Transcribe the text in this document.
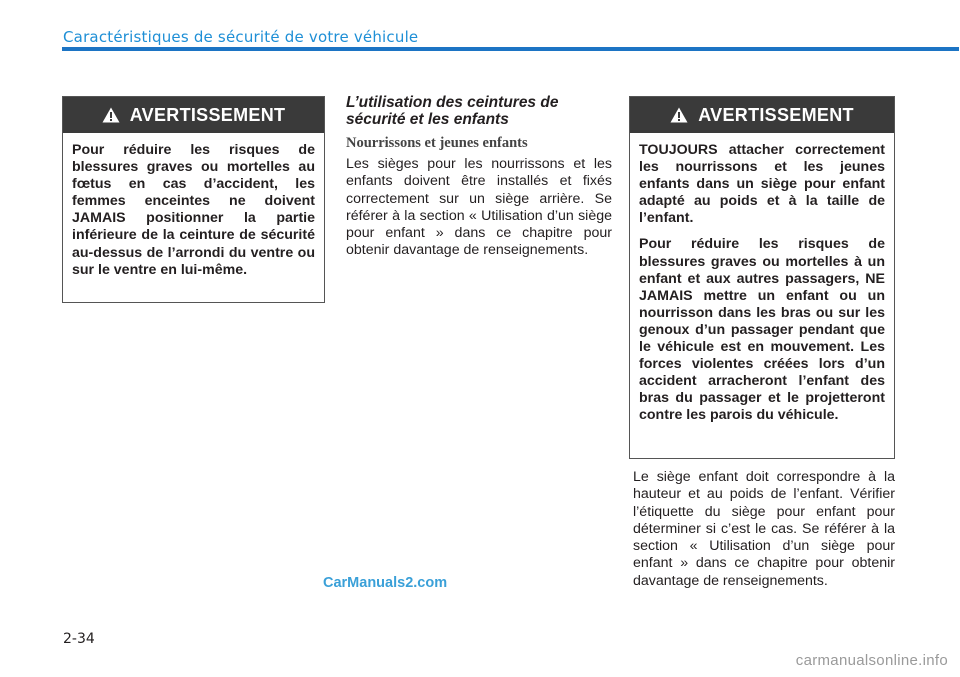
Caractéristiques de sécurité de votre véhicule
AVERTISSEMENT

Pour réduire les risques de blessures graves ou mortelles au fœtus en cas d’accident, les femmes enceintes ne doivent JAMAIS positionner la partie inférieure de la ceinture de sécurité au-dessus de l’arrondi du ventre ou sur le ventre en lui-même.

L’utilisation des ceintures de sécurité et les enfants
Nourrissons et jeunes enfants
Les sièges pour les nourrissons et les enfants doivent être installés et fixés correctement sur un siège arrière. Se référer à la section « Utilisation d’un siège pour enfant » dans ce chapitre pour obtenir davantage de renseignements.
AVERTISSEMENT

TOUJOURS attacher correctement les nourrissons et les jeunes enfants dans un siège pour enfant adapté au poids et à la taille de l’enfant.

Pour réduire les risques de blessures graves ou mortelles à un enfant et aux autres passagers, NE JAMAIS mettre un enfant ou un nourrisson dans les bras ou sur les genoux d’un passager pendant que le véhicule est en mouvement. Les forces violentes créées lors d’un accident arracheront l’enfant des bras du passager et le projetteront contre les parois du véhicule.

Le siège enfant doit correspondre à la hauteur et au poids de l’enfant. Vérifier l’étiquette du siège pour enfant pour déterminer si c’est le cas. Se référer à la section « Utilisation d’un siège pour enfant » dans ce chapitre pour obtenir davantage de renseignements.
CarManuals2.com
2-34
carmanualsonline.info
